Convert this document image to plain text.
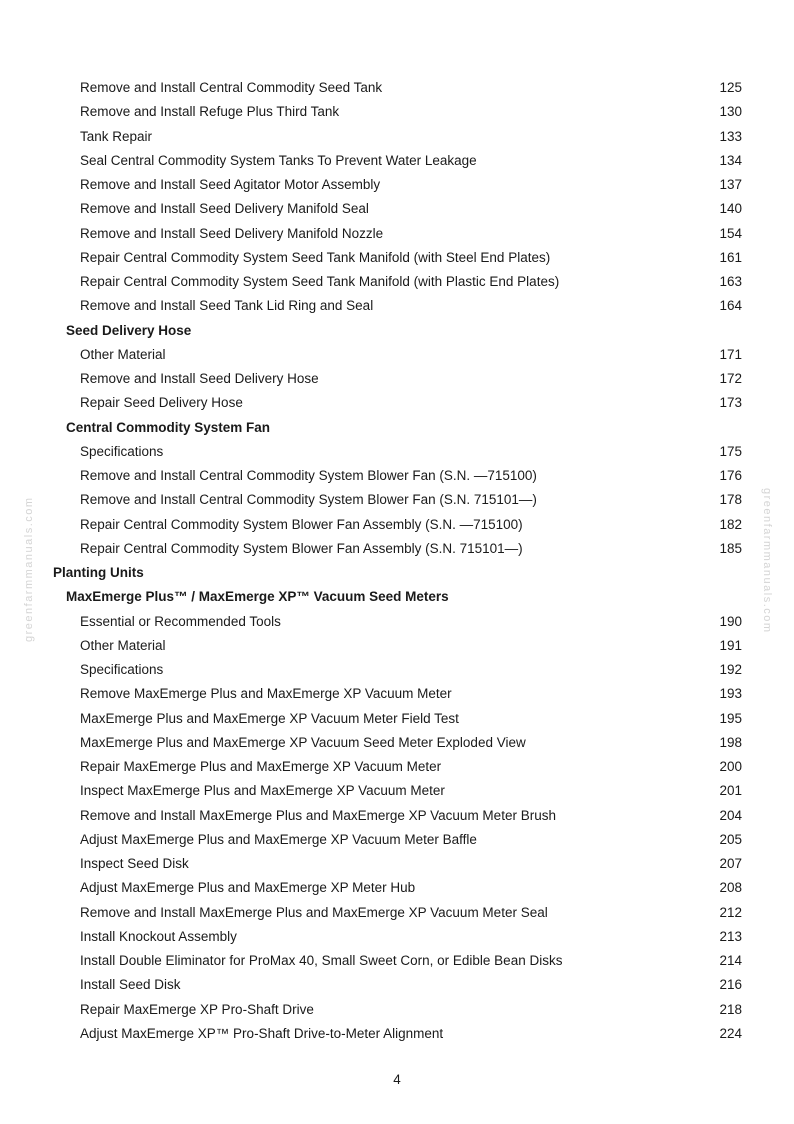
greenfarmmanuals.com	greenfarmmanuals.com
Remove and Install Central Commodity Seed Tank	125
Remove and Install Refuge Plus Third Tank	130
Tank Repair	133
Seal Central Commodity System Tanks To Prevent Water Leakage	134
Remove and Install Seed Agitator Motor Assembly	137
Remove and Install Seed Delivery Manifold Seal	140
Remove and Install Seed Delivery Manifold Nozzle	154
Repair Central Commodity System Seed Tank Manifold (with Steel End Plates)	161
Repair Central Commodity System Seed Tank Manifold (with Plastic End Plates)	163
Remove and Install Seed Tank Lid Ring and Seal	164
Seed Delivery Hose
Other Material	171
Remove and Install Seed Delivery Hose	172
Repair Seed Delivery Hose	173
Central Commodity System Fan
Specifications	175
Remove and Install Central Commodity System Blower Fan (S.N. —715100)	176
Remove and Install Central Commodity System Blower Fan (S.N. 715101—)	178
Repair Central Commodity System Blower Fan Assembly (S.N. —715100)	182
Repair Central Commodity System Blower Fan Assembly (S.N. 715101—)	185
Planting Units
MaxEmerge Plus™ / MaxEmerge XP™ Vacuum Seed Meters
Essential or Recommended Tools	190
Other Material	191
Specifications	192
Remove MaxEmerge Plus and MaxEmerge XP Vacuum Meter	193
MaxEmerge Plus and MaxEmerge XP Vacuum Meter Field Test	195
MaxEmerge Plus and MaxEmerge XP Vacuum Seed Meter Exploded View	198
Repair MaxEmerge Plus and MaxEmerge XP Vacuum Meter	200
Inspect MaxEmerge Plus and MaxEmerge XP Vacuum Meter	201
Remove and Install MaxEmerge Plus and MaxEmerge XP Vacuum Meter Brush	204
Adjust MaxEmerge Plus and MaxEmerge XP Vacuum Meter Baffle	205
Inspect Seed Disk	207
Adjust MaxEmerge Plus and MaxEmerge XP Meter Hub	208
Remove and Install MaxEmerge Plus and MaxEmerge XP Vacuum Meter Seal	212
Install Knockout Assembly	213
Install Double Eliminator for ProMax 40, Small Sweet Corn, or Edible Bean Disks	214
Install Seed Disk	216
Repair MaxEmerge XP Pro-Shaft Drive	218
Adjust MaxEmerge XP™ Pro-Shaft Drive-to-Meter Alignment	224
4
